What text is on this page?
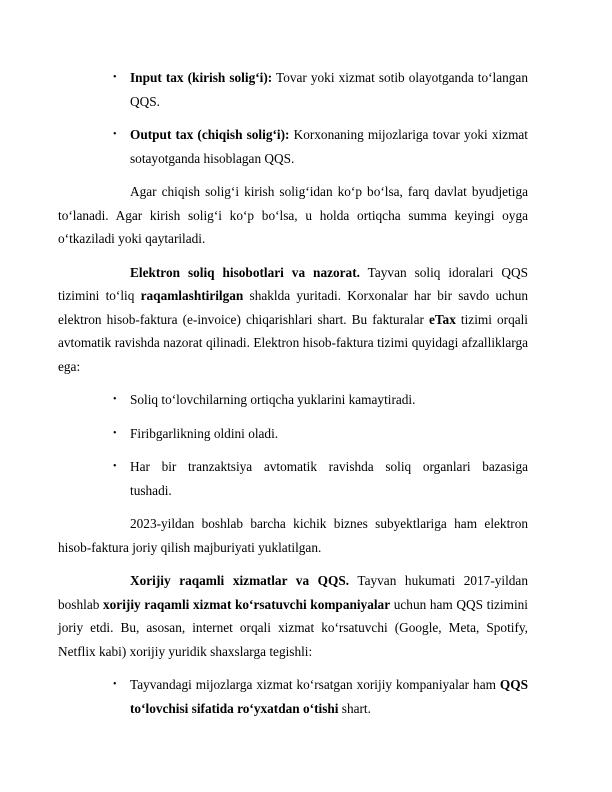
• Input tax (kirish solig‘i): Tovar yoki xizmat sotib olayotganda to‘langan QQS.
• Output tax (chiqish solig‘i): Korxonaning mijozlariga tovar yoki xizmat sotayotganda hisoblagan QQS.

Agar chiqish solig‘i kirish solig‘idan ko‘p bo‘lsa, farq davlat byudjetiga to‘lanadi. Agar kirish solig‘i ko‘p bo‘lsa, u holda ortiqcha summa keyingi oyga o‘tkaziladi yoki qaytariladi.

Elektron soliq hisobotlari va nazorat. Tayvan soliq idoralari QQS tizimini to‘liq raqamlashtirilgan shaklda yuritadi. Korxonalar har bir savdo uchun elektron hisob-faktura (e-invoice) chiqarishlari shart. Bu fakturalar eTax tizimi orqali avtomatik ravishda nazorat qilinadi. Elektron hisob-faktura tizimi quyidagi afzalliklarga ega:

• Soliq to‘lovchilarning ortiqcha yuklarini kamaytiradi.
• Firibgarlikning oldini oladi.
• Har bir tranzaktsiya avtomatik ravishda soliq organlari bazasiga tushadi.

2023-yildan boshlab barcha kichik biznes subyektlariga ham elektron hisob-faktura joriy qilish majburiyati yuklatilgan.

Xorijiy raqamli xizmatlar va QQS. Tayvan hukumati 2017-yildan boshlab xorijiy raqamli xizmat ko‘rsatuvchi kompaniyalar uchun ham QQS tizimini joriy etdi. Bu, asosan, internet orqali xizmat ko‘rsatuvchi (Google, Meta, Spotify, Netflix kabi) xorijiy yuridik shaxslarga tegishli:

• Tayvandagi mijozlarga xizmat ko‘rsatgan xorijiy kompaniyalar ham QQS to‘lovchisi sifatida ro‘yxatdan o‘tishi shart.
